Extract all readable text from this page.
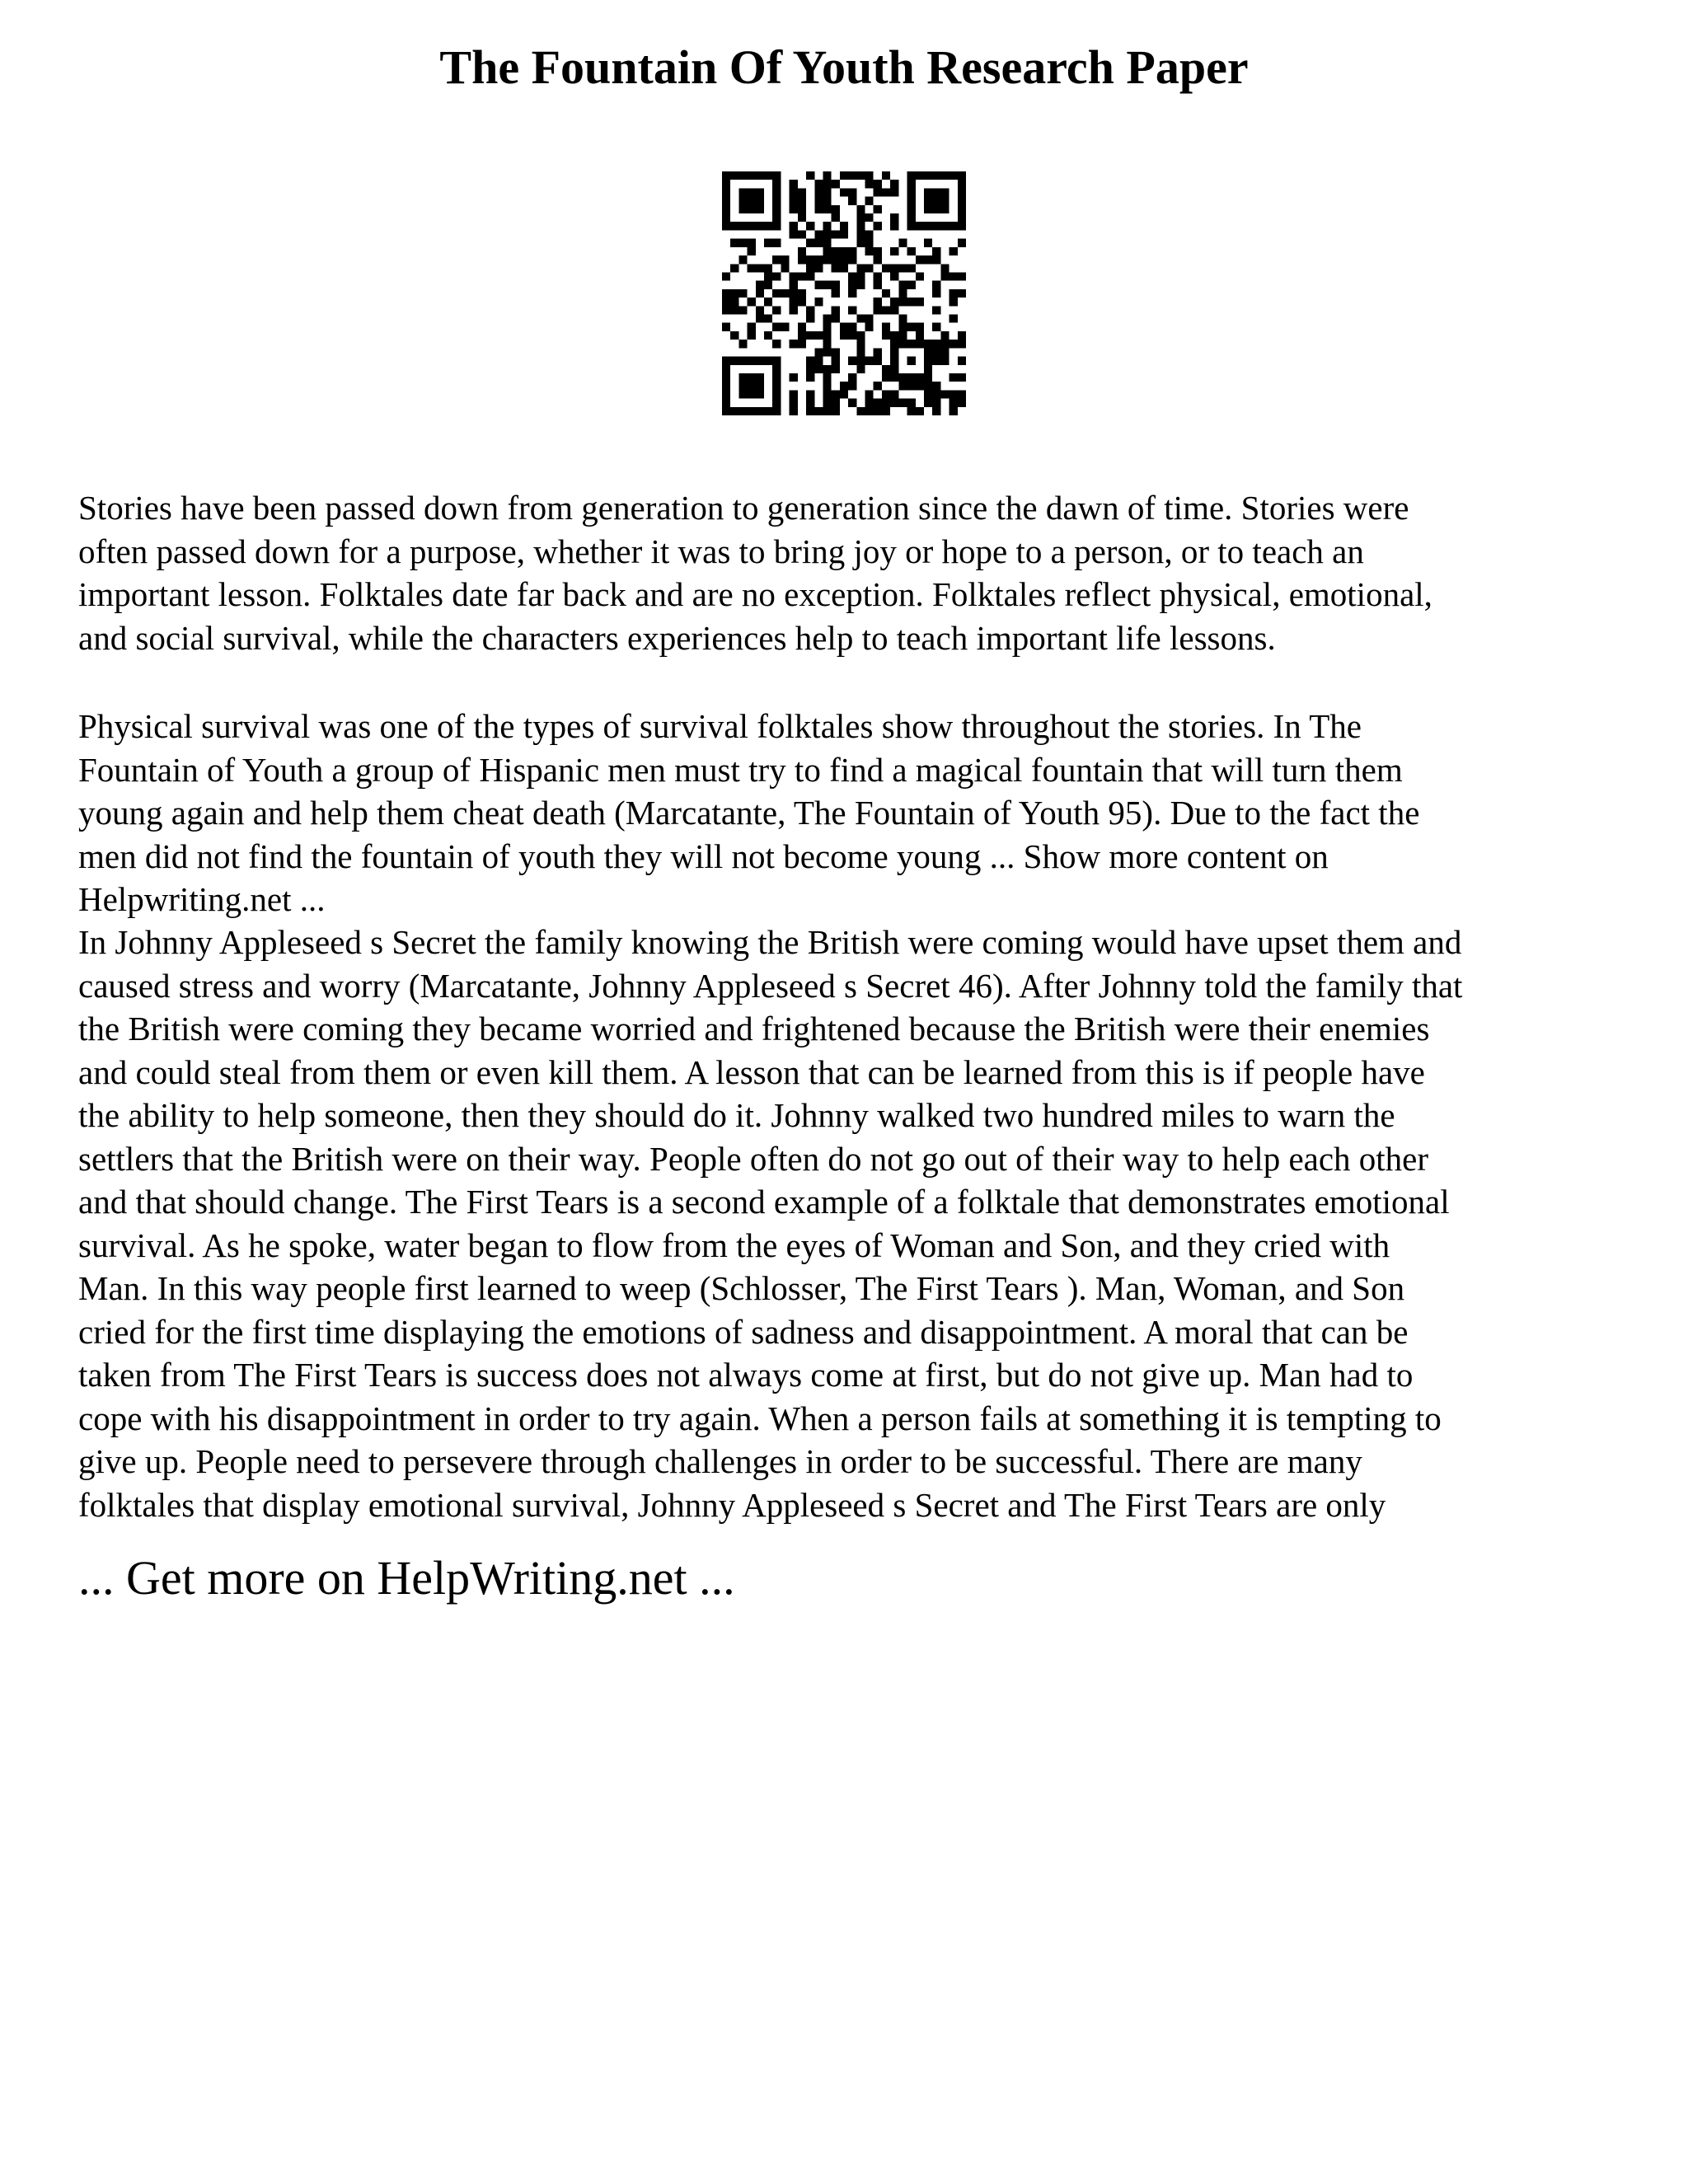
The Fountain Of Youth Research Paper

Stories have been passed down from generation to generation since the dawn of time. Stories were
often passed down for a purpose, whether it was to bring joy or hope to a person, or to teach an
important lesson. Folktales date far back and are no exception. Folktales reflect physical, emotional,
and social survival, while the characters experiences help to teach important life lessons.

Physical survival was one of the types of survival folktales show throughout the stories. In The
Fountain of Youth a group of Hispanic men must try to find a magical fountain that will turn them
young again and help them cheat death (Marcatante, The Fountain of Youth 95). Due to the fact the
men did not find the fountain of youth they will not become young ... Show more content on
Helpwriting.net ...

In Johnny Appleseed s Secret the family knowing the British were coming would have upset them and
caused stress and worry (Marcatante, Johnny Appleseed s Secret 46). After Johnny told the family that
the British were coming they became worried and frightened because the British were their enemies
and could steal from them or even kill them. A lesson that can be learned from this is if people have
the ability to help someone, then they should do it. Johnny walked two hundred miles to warn the
settlers that the British were on their way. People often do not go out of their way to help each other
and that should change. The First Tears is a second example of a folktale that demonstrates emotional
survival. As he spoke, water began to flow from the eyes of Woman and Son, and they cried with
Man. In this way people first learned to weep (Schlosser, The First Tears ). Man, Woman, and Son
cried for the first time displaying the emotions of sadness and disappointment. A moral that can be
taken from The First Tears is success does not always come at first, but do not give up. Man had to
cope with his disappointment in order to try again. When a person fails at something it is tempting to
give up. People need to persevere through challenges in order to be successful. There are many
folktales that display emotional survival, Johnny Appleseed s Secret and The First Tears are only

... Get more on HelpWriting.net ...
